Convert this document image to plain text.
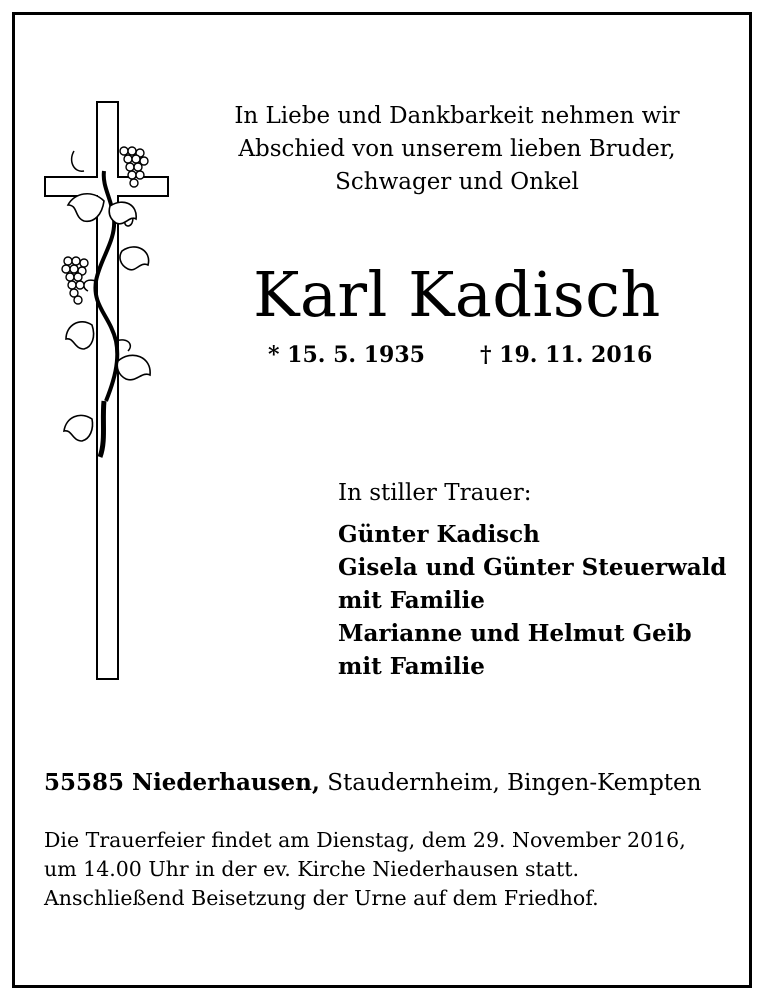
In Liebe und Dankbarkeit nehmen wir
Abschied von unserem lieben Bruder,
Schwager und Onkel
Karl Kadisch
* 15. 5. 1935	† 19. 11. 2016
In stiller Trauer:
Günter Kadisch
Gisela und Günter Steuerwald
mit Familie
Marianne und Helmut Geib
mit Familie
55585 Niederhausen, Staudernheim, Bingen-Kempten
Die Trauerfeier findet am Dienstag, dem 29. November 2016,
um 14.00 Uhr in der ev. Kirche Niederhausen statt.
Anschließend Beisetzung der Urne auf dem Friedhof.
